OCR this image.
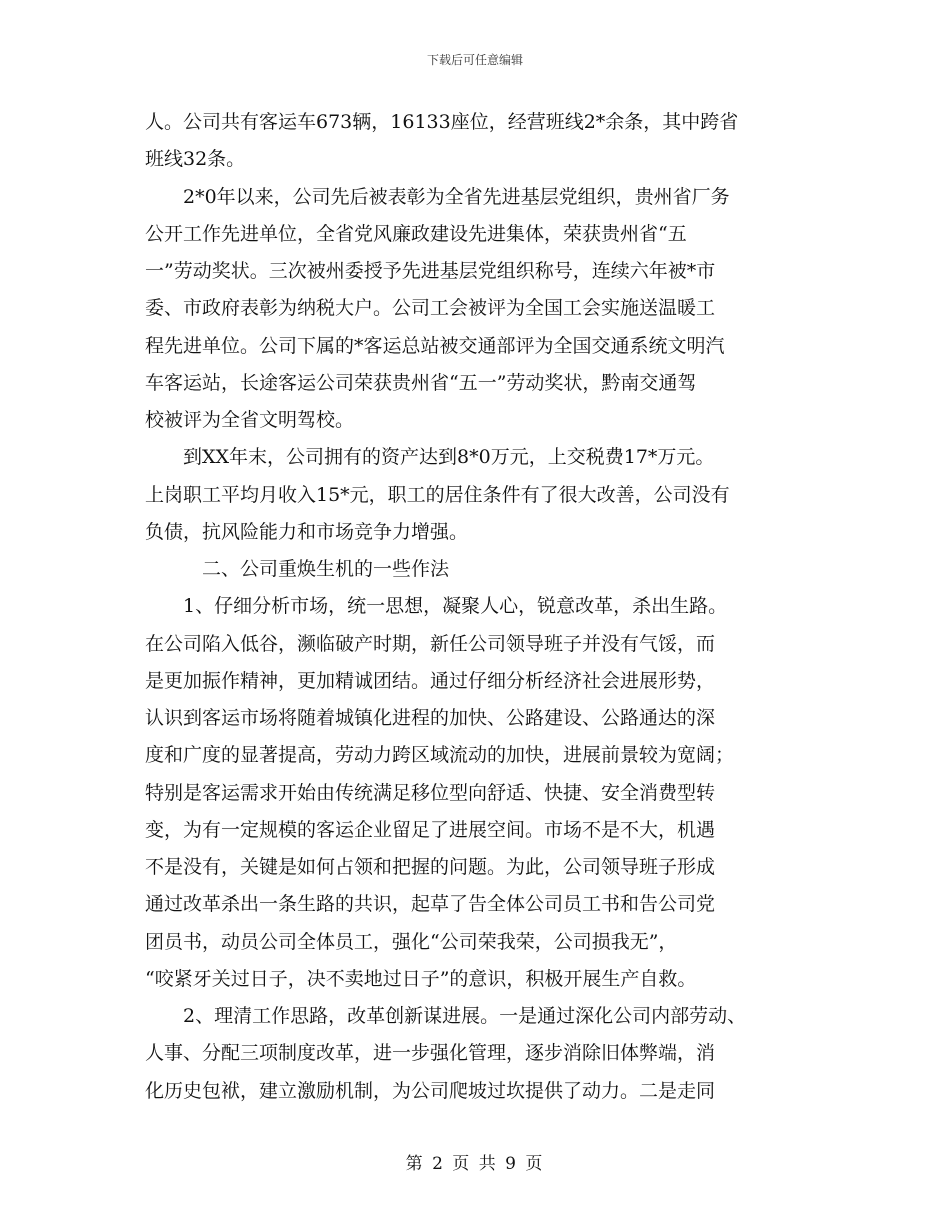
下载后可任意编辑
人。公司共有客运车673辆，16133座位，经营班线2*余条，其中跨省
班线32条。
2*0年以来，公司先后被表彰为全省先进基层党组织，贵州省厂务
公开工作先进单位，全省党风廉政建设先进集体，荣获贵州省“五
一”劳动奖状。三次被州委授予先进基层党组织称号，连续六年被*市
委、市政府表彰为纳税大户。公司工会被评为全国工会实施送温暖工
程先进单位。公司下属的*客运总站被交通部评为全国交通系统文明汽
车客运站，长途客运公司荣获贵州省“五一”劳动奖状，黔南交通驾
校被评为全省文明驾校。
到XX年末，公司拥有的资产达到8*0万元，上交税费17*万元。
上岗职工平均月收入15*元，职工的居住条件有了很大改善，公司没有
负债，抗风险能力和市场竞争力增强。
二、公司重焕生机的一些作法
1、仔细分析市场，统一思想，凝聚人心，锐意改革，杀出生路。
在公司陷入低谷，濒临破产时期，新任公司领导班子并没有气馁，而
是更加振作精神，更加精诚团结。通过仔细分析经济社会进展形势，
认识到客运市场将随着城镇化进程的加快、公路建设、公路通达的深
度和广度的显著提高，劳动力跨区域流动的加快，进展前景较为宽阔；
特别是客运需求开始由传统满足移位型向舒适、快捷、安全消费型转
变，为有一定规模的客运企业留足了进展空间。市场不是不大，机遇
不是没有，关键是如何占领和把握的问题。为此，公司领导班子形成
通过改革杀出一条生路的共识，起草了告全体公司员工书和告公司党
团员书，动员公司全体员工，强化“公司荣我荣，公司损我无”，
“咬紧牙关过日子，决不卖地过日子”的意识，积极开展生产自救。
2、理清工作思路，改革创新谋进展。一是通过深化公司内部劳动、
人事、分配三项制度改革，进一步强化管理，逐步消除旧体弊端，消
化历史包袱，建立激励机制，为公司爬坡过坎提供了动力。二是走同
第 2 页 共 9 页
